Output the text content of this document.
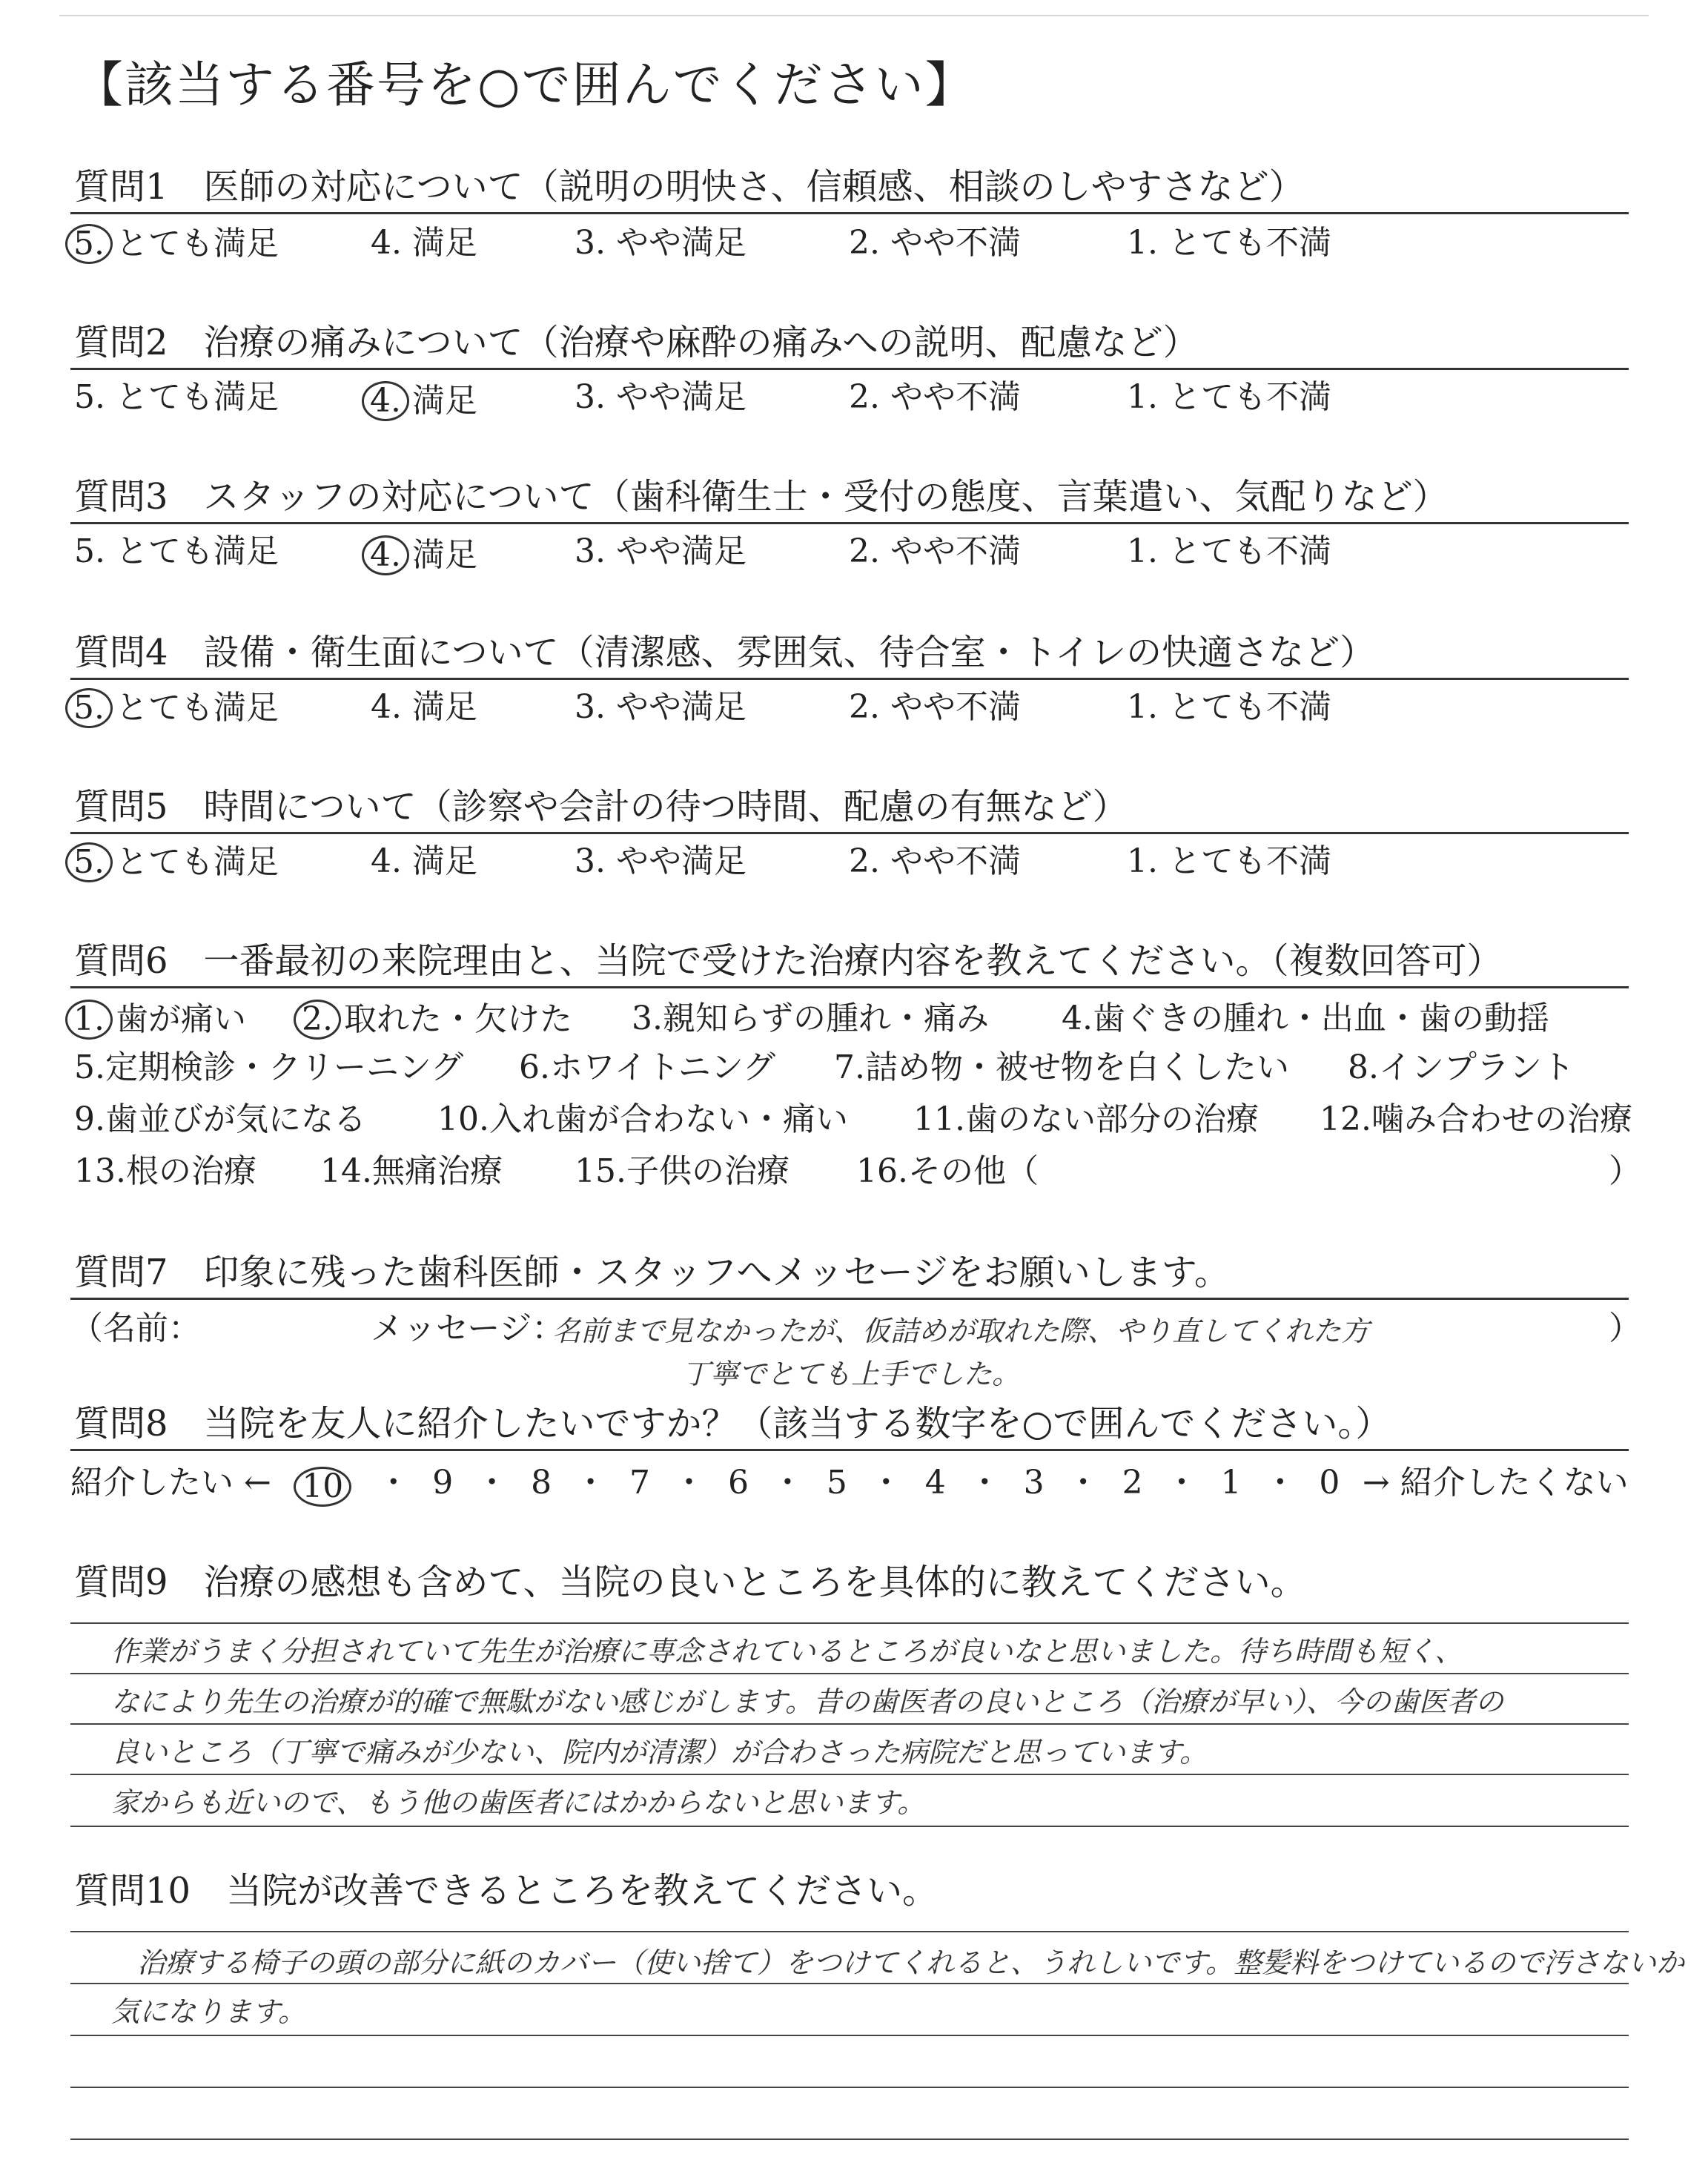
【該当する番号を○で囲んでください】
質問1　医師の対応について（説明の明快さ、信頼感、相談のしやすさなど）
5. とても満足	4. 満足	3. やや満足	2. やや不満	1. とても不満
質問2　治療の痛みについて（治療や麻酔の痛みへの説明、配慮など）
5. とても満足	4. 満足	3. やや満足	2. やや不満	1. とても不満
質問3　スタッフの対応について（歯科衛生士・受付の態度、言葉遣い、気配りなど）
5. とても満足	4. 満足	3. やや満足	2. やや不満	1. とても不満
質問4　設備・衛生面について（清潔感、雰囲気、待合室・トイレの快適さなど）
5. とても満足	4. 満足	3. やや満足	2. やや不満	1. とても不満
質問5　時間について（診察や会計の待つ時間、配慮の有無など）
5. とても満足	4. 満足	3. やや満足	2. やや不満	1. とても不満
質問6　一番最初の来院理由と、当院で受けた治療内容を教えてください。（複数回答可）
1. 歯が痛い 2. 取れた・欠けた 3.親知らずの腫れ・痛み 4.歯ぐきの腫れ・出血・歯の動揺
5.定期検診・クリーニング 6.ホワイトニング 7.詰め物・被せ物を白くしたい 8.インプラント
9.歯並びが気になる 10.入れ歯が合わない・痛い 11.歯のない部分の治療 12.噛み合わせの治療
13.根の治療 14.無痛治療 15.子供の治療 16.その他（	）
質問7　印象に残った歯科医師・スタッフへメッセージをお願いします。
（名前：	メッセージ：
名前まで見なかったが、仮詰めが取れた際、やり直してくれた方	）
丁寧でとても上手でした。
質問8　当院を友人に紹介したいですか？（該当する数字を○で囲んでください。）
紹介したい ← 10	・ 9 ・ 8 ・ 7 ・ 6 ・ 5 ・ 4 ・ 3 ・ 2 ・ 1 ・ 0 → 紹介したくない
質問9　治療の感想も含めて、当院の良いところを具体的に教えてください。
作業がうまく分担されていて先生が治療に専念されているところが良いなと思いました。待ち時間も短く、
なにより先生の治療が的確で無駄がない感じがします。昔の歯医者の良いところ（治療が早い）、今の歯医者の
良いところ（丁寧で痛みが少ない、院内が清潔）が合わさった病院だと思っています。
家からも近いので、もう他の歯医者にはかからないと思います。
質問10　当院が改善できるところを教えてください。
治療する椅子の頭の部分に紙のカバー（使い捨て）をつけてくれると、うれしいです。整髪料をつけているので汚さないか
気になります。
